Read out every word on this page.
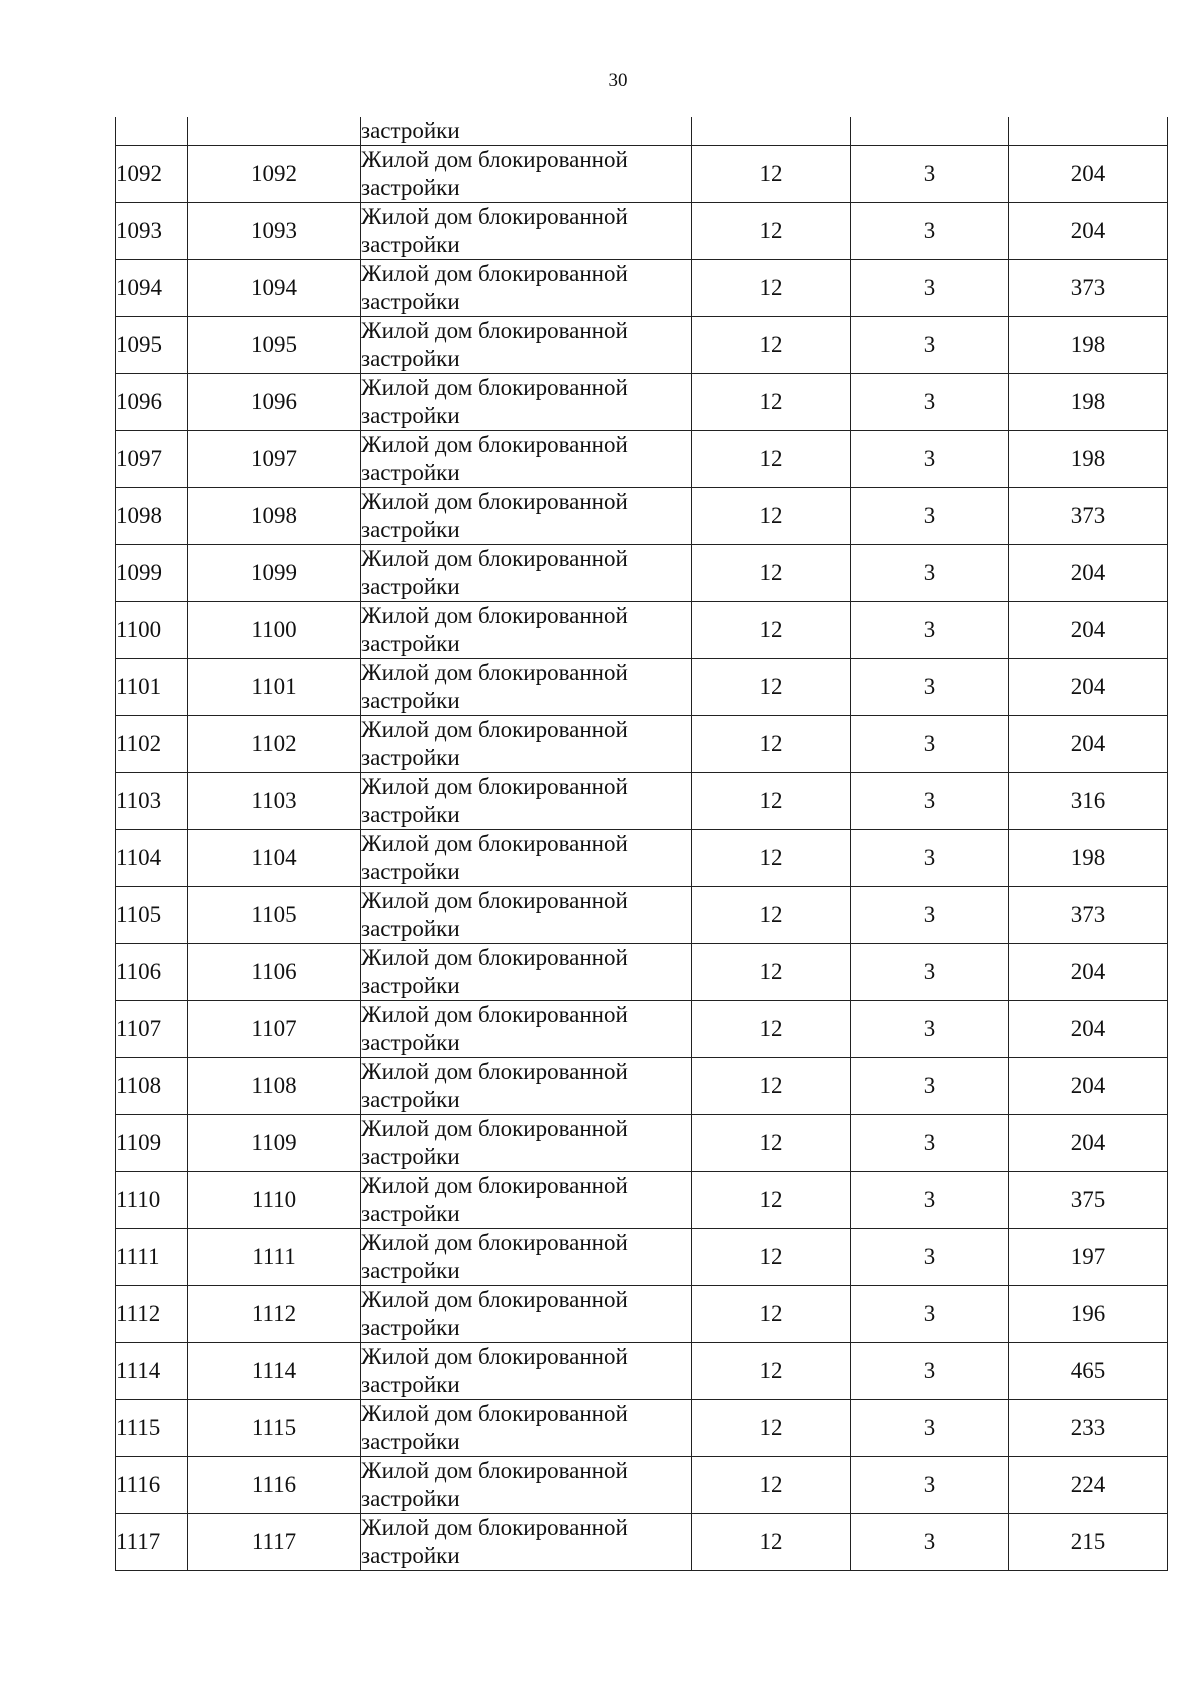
30
		застройки			
1092	1092	Жилой дом блокированной застройки	12	3	204
1093	1093	Жилой дом блокированной застройки	12	3	204
1094	1094	Жилой дом блокированной застройки	12	3	373
1095	1095	Жилой дом блокированной застройки	12	3	198
1096	1096	Жилой дом блокированной застройки	12	3	198
1097	1097	Жилой дом блокированной застройки	12	3	198
1098	1098	Жилой дом блокированной застройки	12	3	373
1099	1099	Жилой дом блокированной застройки	12	3	204
1100	1100	Жилой дом блокированной застройки	12	3	204
1101	1101	Жилой дом блокированной застройки	12	3	204
1102	1102	Жилой дом блокированной застройки	12	3	204
1103	1103	Жилой дом блокированной застройки	12	3	316
1104	1104	Жилой дом блокированной застройки	12	3	198
1105	1105	Жилой дом блокированной застройки	12	3	373
1106	1106	Жилой дом блокированной застройки	12	3	204
1107	1107	Жилой дом блокированной застройки	12	3	204
1108	1108	Жилой дом блокированной застройки	12	3	204
1109	1109	Жилой дом блокированной застройки	12	3	204
1110	1110	Жилой дом блокированной застройки	12	3	375
1111	1111	Жилой дом блокированной застройки	12	3	197
1112	1112	Жилой дом блокированной застройки	12	3	196
1114	1114	Жилой дом блокированной застройки	12	3	465
1115	1115	Жилой дом блокированной застройки	12	3	233
1116	1116	Жилой дом блокированной застройки	12	3	224
1117	1117	Жилой дом блокированной застройки	12	3	215
